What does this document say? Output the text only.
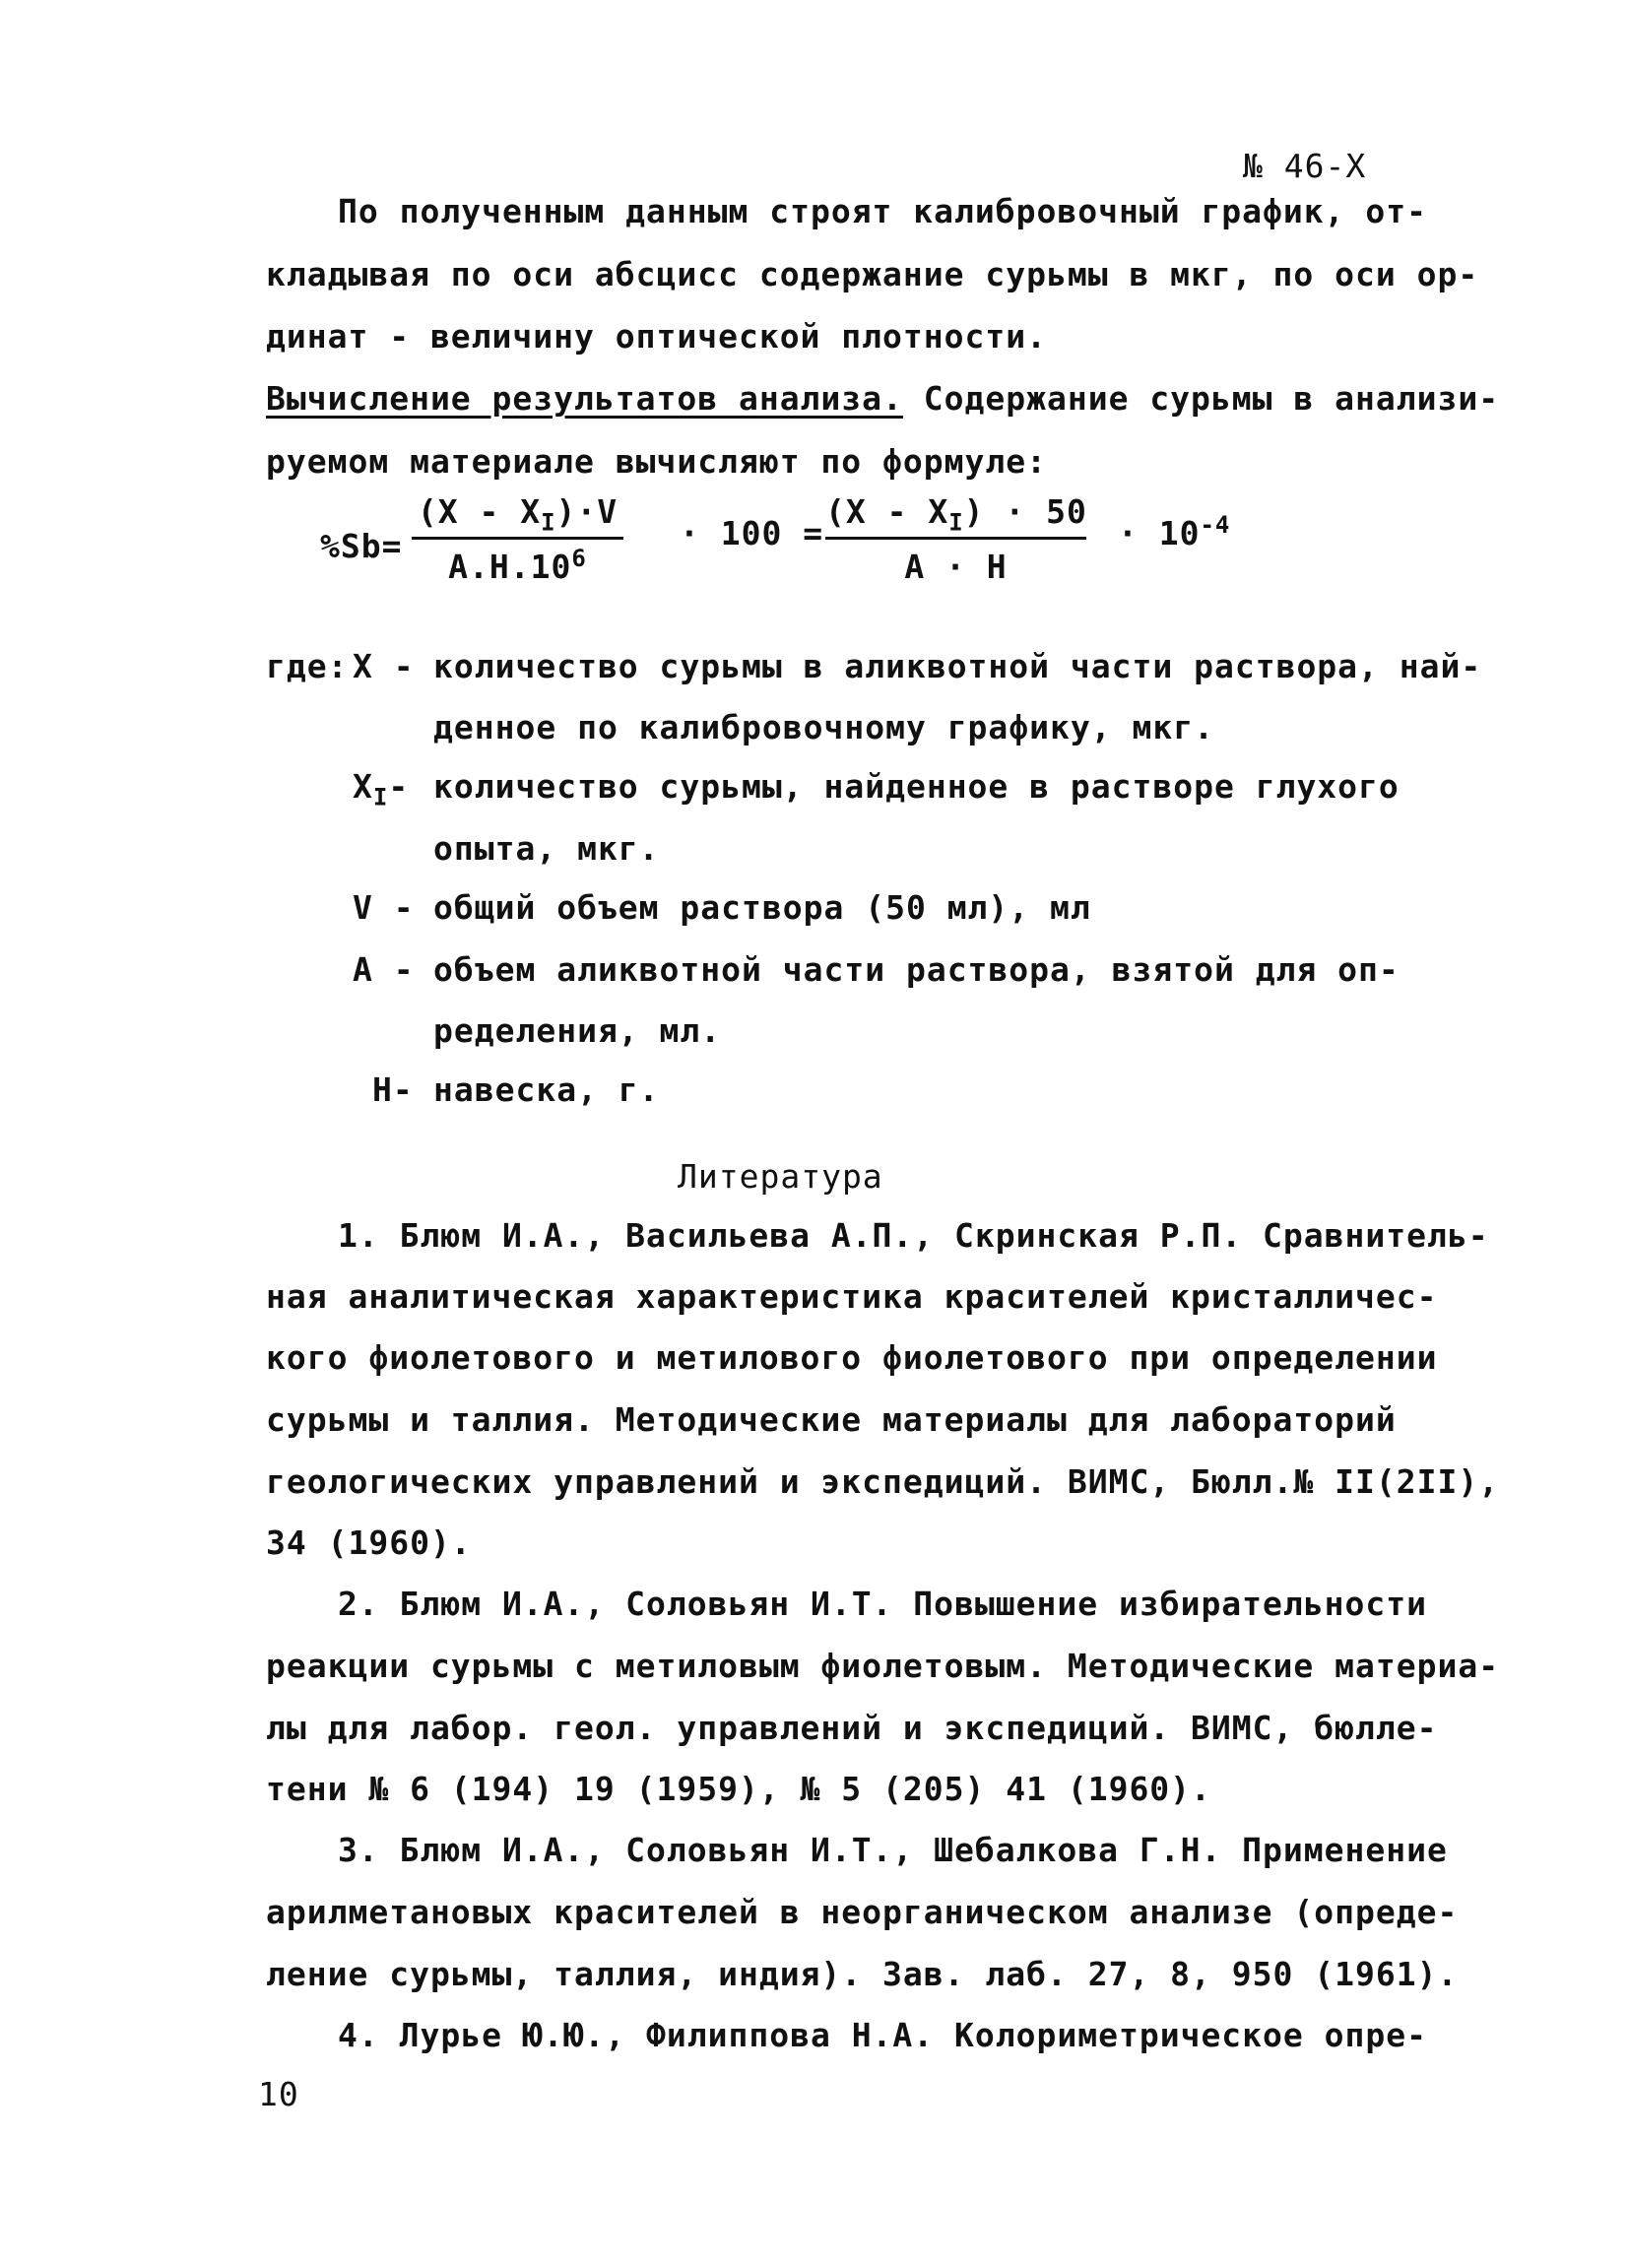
№ 46-Х
По полученным данным строят калибровочный график, от-
кладывая по оси абсцисс содержание сурьмы в мкг, по оси ор-
динат - величину оптической плотности.
Вычисление результатов анализа. Содержание сурьмы в анализи-
руемом материале вычисляют по формуле:
%Sb=
$(Х - Х_I)\cdot V$
$А.Н.10^6$
· 100 =
$(Х - Х_I) \cdot 50$
А · Н
· $10^{-4}$
где: Х - количество сурьмы в аликвотной части раствора, най-
денное по калибровочному графику, мкг.
$Х_I-$ количество сурьмы, найденное в растворе глухого
опыта, мкг.
V - общий объем раствора (50 мл), мл
А - объем аликвотной части раствора, взятой для оп-
ределения, мл.
Н- навеска, г.
Литература
1. Блюм И.А., Васильева А.П., Скринская Р.П. Сравнитель-
ная аналитическая характеристика красителей кристалличес-
кого фиолетового и метилового фиолетового при определении
сурьмы и таллия. Методические материалы для лабораторий
геологических управлений и экспедиций. ВИМС, Бюлл.№ II(2II),
34 (1960).
2. Блюм И.А., Соловьян И.Т. Повышение избирательности
реакции сурьмы с метиловым фиолетовым. Методические материа-
лы для лабор. геол. управлений и экспедиций. ВИМС, бюлле-
тени № 6 (194) 19 (1959), № 5 (205) 41 (1960).
3. Блюм И.А., Соловьян И.Т., Шебалкова Г.Н. Применение
арилметановых красителей в неорганическом анализе (опреде-
ление сурьмы, таллия, индия). Зав. лаб. 27, 8, 950 (1961).
4. Лурье Ю.Ю., Филиппова Н.А. Колориметрическое опре-
10
